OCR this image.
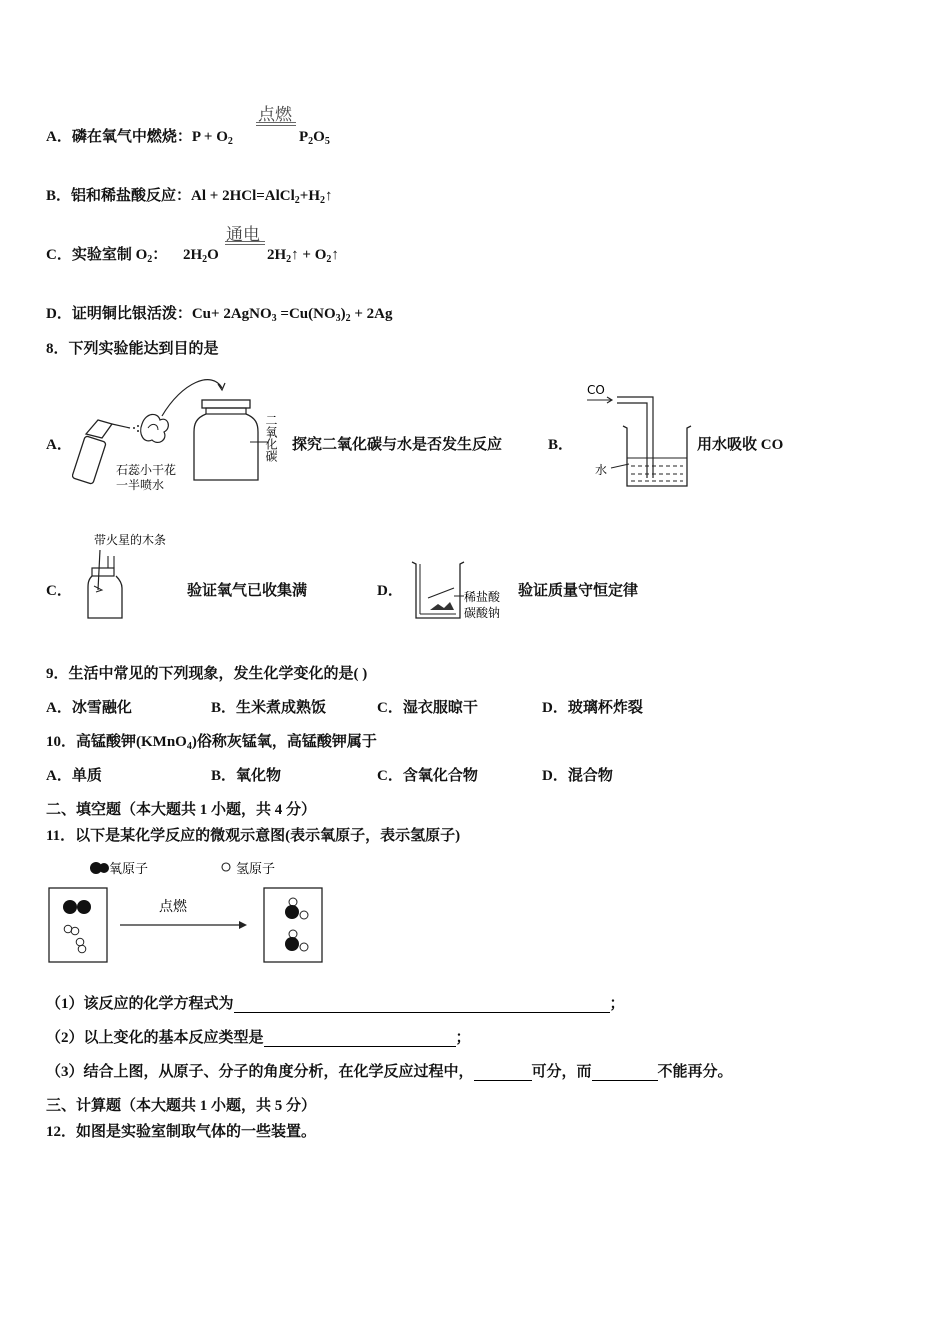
点燃
A．磷在氧气中燃烧：$P + O_2$	$P_2O_5$
B．铝和稀盐酸反应：$Al + 2HCl=AlCl_2+H_2↑$
通电
C．实验室制 $O_2$： $2H_2O$	$2H_2↑$ + $O_2↑$
D．证明铜比银活泼：Cu+ 2AgNO$_3$ $=Cu(NO_3)_2 + 2Ag$
8．下列实验能达到目的是
A．	二氧化碳
石蕊小干花
一半喷水
探究二氧化碳与水是否发生反应	B．
CO
水
用水吸收 CO
C．
带火星的木条
验证氧气已收集满	D．	稀盐酸
碳酸钠
验证质量守恒定律
9．生活中常见的下列现象，发生化学变化的是( )
A．冰雪融化	B．生米煮成熟饭	C．湿衣服晾干	D．玻璃杯炸裂
10．高锰酸钾(KMnO$_4$)俗称灰锰氧，高锰酸钾属于
A．单质	B．氧化物	C．含氧化合物	D．混合物
二、填空题（本大题共 1 小题，共 4 分）
11．以下是某化学反应的微观示意图(表示氧原子，表示氢原子)
氧原子	氢原子
点燃
（1）该反应的化学方程式为	；
（2）以上变化的基本反应类型是	；
（3）结合上图，从原子、分子的角度分析，在化学反应过程中，	可分，而	不能再分。
三、计算题（本大题共 1 小题，共 5 分）
12．如图是实验室制取气体的一些装置。
